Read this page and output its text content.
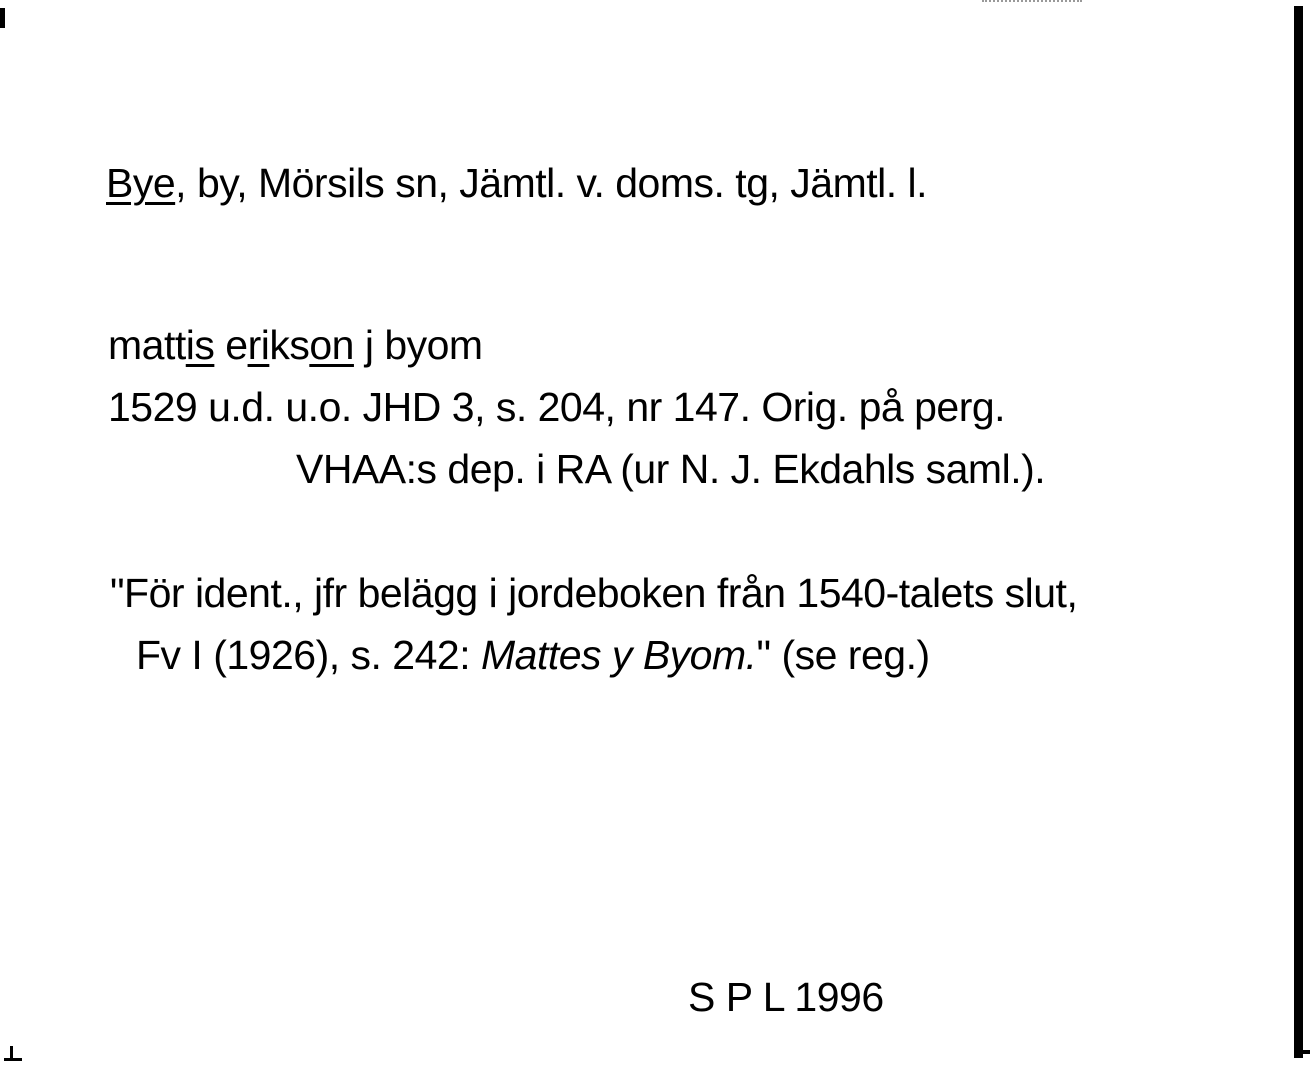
Bye, by, Mörsils sn, Jämtl. v. doms. tg, Jämtl. l.
mattis erikson j byom
1529 u.d. u.o. JHD 3, s. 204, nr 147. Orig. på perg.
VHAA:s dep. i RA (ur N. J. Ekdahls saml.).
"För ident., jfr belägg i jordeboken från 1540-talets slut,
Fv I (1926), s. 242: Mattes y Byom." (se reg.)
S P L 1996
